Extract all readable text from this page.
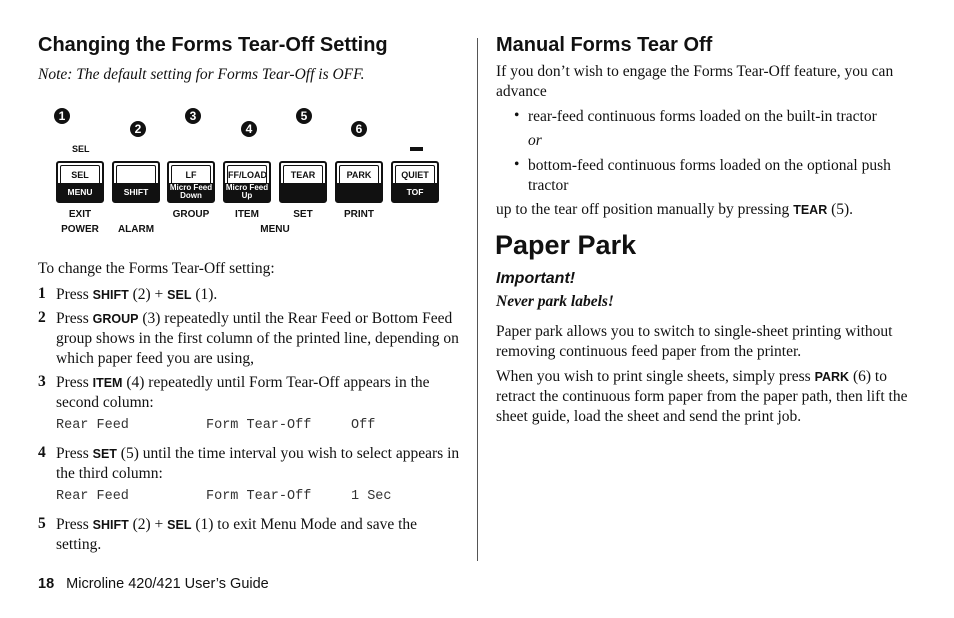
Changing the Forms Tear-Off Setting
Note: The default setting for Forms Tear-Off is OFF.
1
2
3
4
5
6
SEL
SEL
MENU	SHIFT
LF
Micro Feed Down
FF/LOAD
Micro Feed Up
TEAR	PARK	QUIET
TOF
EXIT	GROUP	ITEM	SET	PRINT
POWER	ALARM	MENU
To change the Forms Tear-Off setting:
1 Press SHIFT (2) + SEL (1).
2 Press GROUP (3) repeatedly until the Rear Feed or Bottom Feed group shows in the first column of the printed line, depending on which paper feed you are using,
3 Press ITEM (4) repeatedly until Form Tear-Off appears in the second column:
Rear Feed	Form Tear-Off	Off
4 Press SET (5) until the time interval you wish to select appears in the third column:
Rear Feed	Form Tear-Off	1 Sec
5 Press SHIFT (2) + SEL (1) to exit Menu Mode and save the setting.
18 Microline 420/421 User’s Guide
Manual Forms Tear Off
If you don’t wish to engage the Forms Tear-Off feature, you can advance
• rear-feed continuous forms loaded on the built-in tractor
or
• bottom-feed continuous forms loaded on the optional push tractor
up to the tear off position manually by pressing TEAR (5).
Paper Park
Important!
Never park labels!
Paper park allows you to switch to single-sheet printing without removing continuous feed paper from the printer.
When you wish to print single sheets, simply press PARK (6) to retract the continuous form paper from the paper path, then lift the sheet guide, load the sheet and send the print job.
